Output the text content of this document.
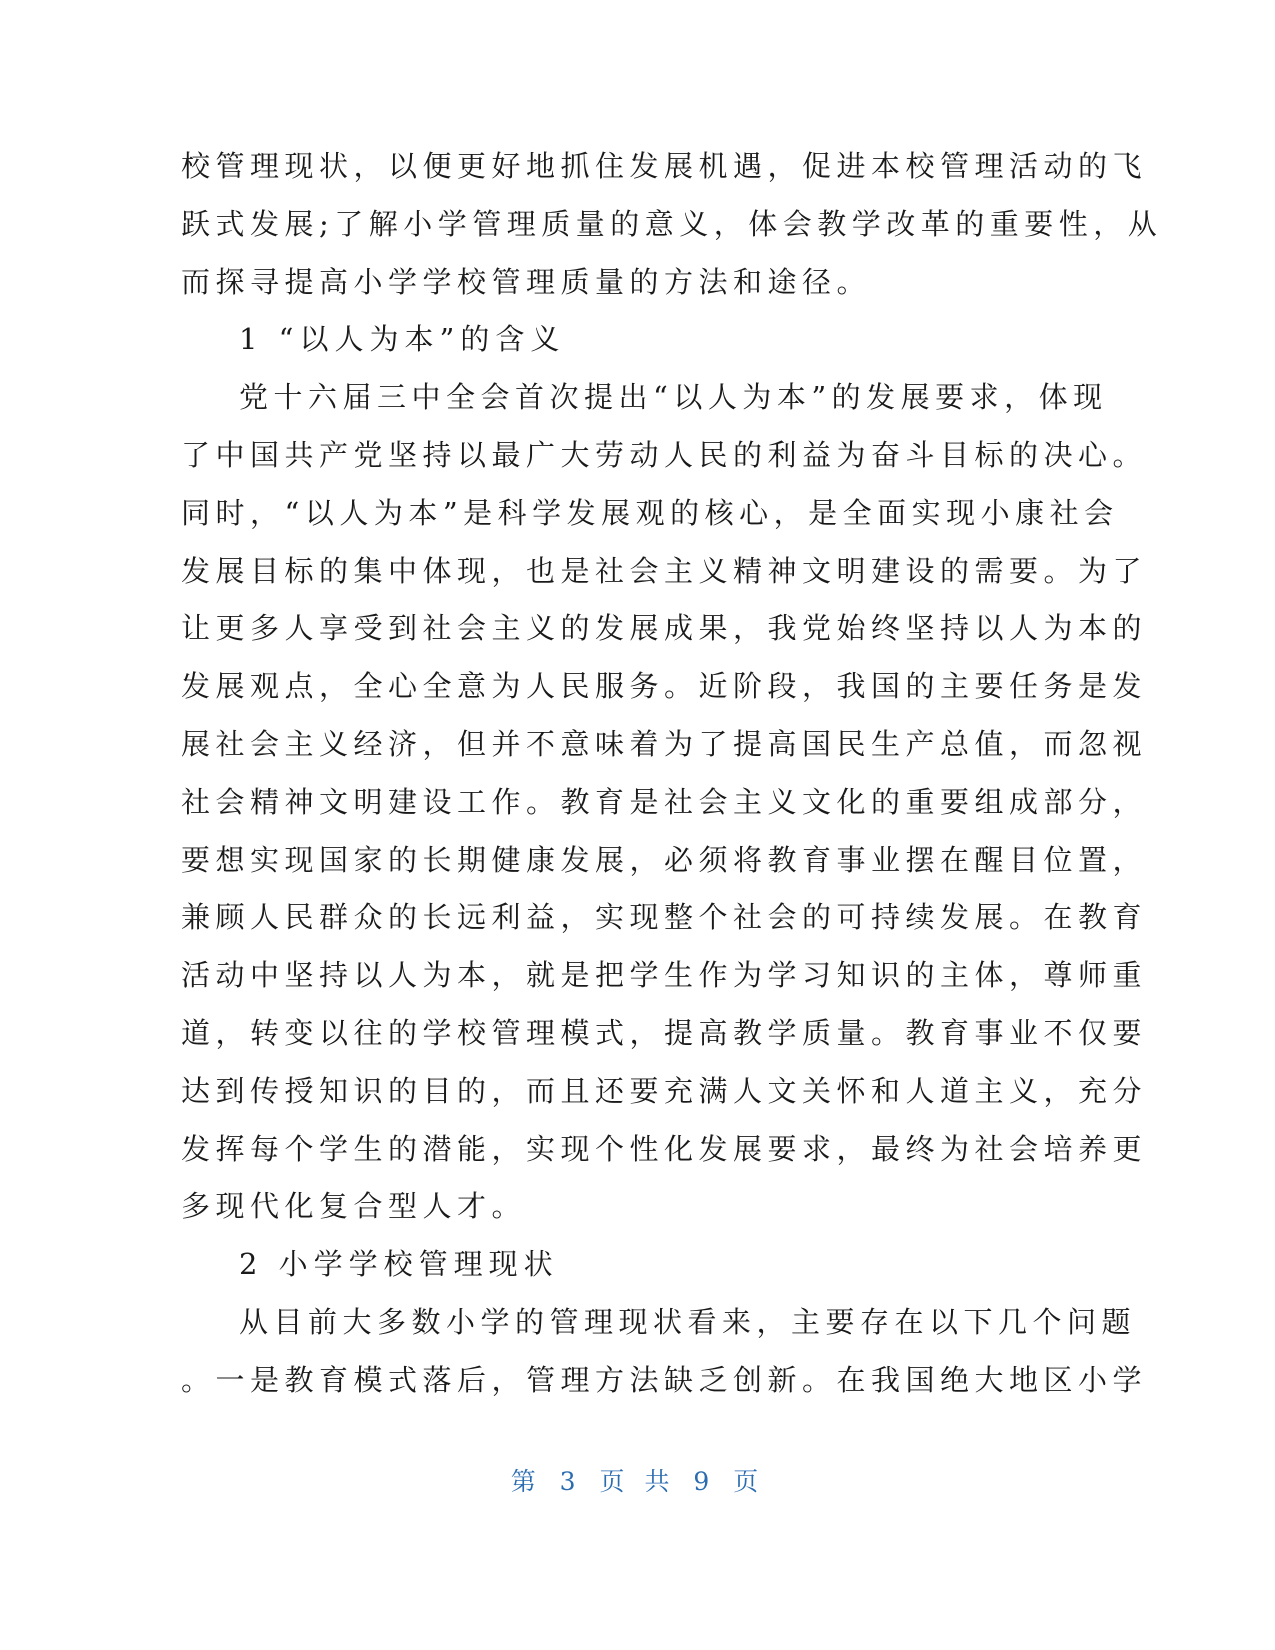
校管理现状，以便更好地抓住发展机遇，促进本校管理活动的飞
跃式发展;了解小学管理质量的意义，体会教学改革的重要性，从
而探寻提高小学学校管理质量的方法和途径。
1 “以人为本”的含义
党十六届三中全会首次提出“以人为本”的发展要求，体现
了中国共产党坚持以最广大劳动人民的利益为奋斗目标的决心。
同时，“以人为本”是科学发展观的核心，是全面实现小康社会
发展目标的集中体现，也是社会主义精神文明建设的需要。为了
让更多人享受到社会主义的发展成果，我党始终坚持以人为本的
发展观点，全心全意为人民服务。近阶段，我国的主要任务是发
展社会主义经济，但并不意味着为了提高国民生产总值，而忽视
社会精神文明建设工作。教育是社会主义文化的重要组成部分，
要想实现国家的长期健康发展，必须将教育事业摆在醒目位置，
兼顾人民群众的长远利益，实现整个社会的可持续发展。在教育
活动中坚持以人为本，就是把学生作为学习知识的主体，尊师重
道，转变以往的学校管理模式，提高教学质量。教育事业不仅要
达到传授知识的目的，而且还要充满人文关怀和人道主义，充分
发挥每个学生的潜能，实现个性化发展要求，最终为社会培养更
多现代化复合型人才。
2 小学学校管理现状
从目前大多数小学的管理现状看来，主要存在以下几个问题
。一是教育模式落后，管理方法缺乏创新。在我国绝大地区小学
第 3 页 共 9 页
